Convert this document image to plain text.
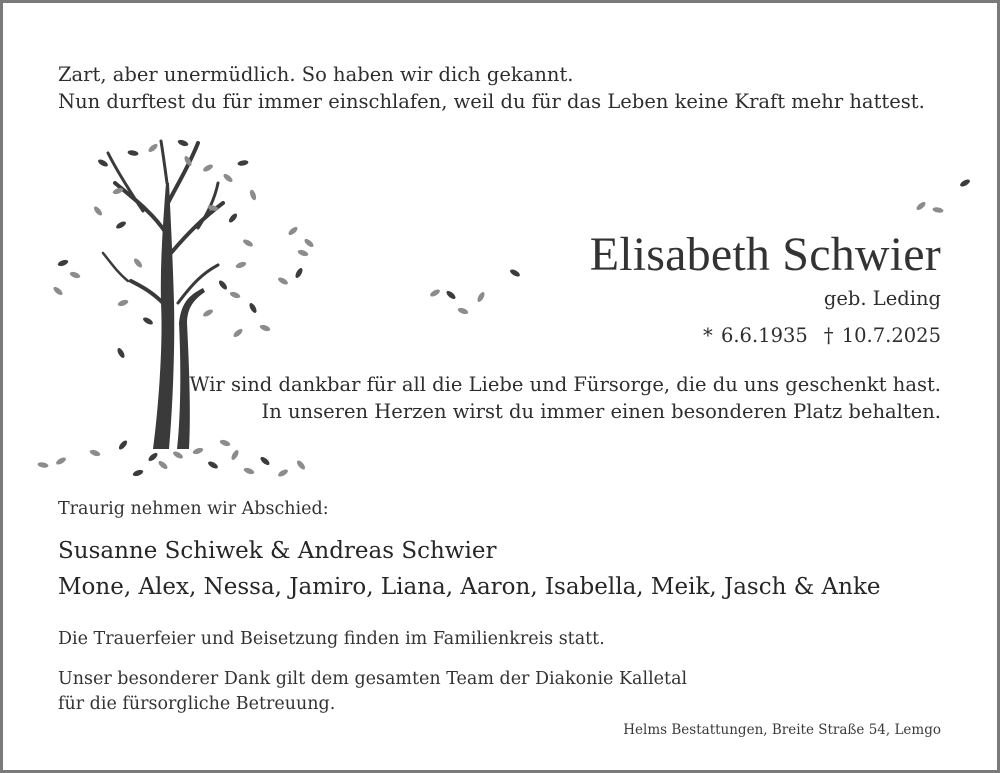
Zart, aber unermüdlich. So haben wir dich gekannt.
Nun durftest du für immer einschlafen, weil du für das Leben keine Kraft mehr hattest.
Elisabeth Schwier
geb. Leding
* 6.6.1935 † 10.7.2025
Wir sind dankbar für all die Liebe und Fürsorge, die du uns geschenkt hast.
In unseren Herzen wirst du immer einen besonderen Platz behalten.
Traurig nehmen wir Abschied:
Susanne Schiwek & Andreas Schwier
Mone, Alex, Nessa, Jamiro, Liana, Aaron, Isabella, Meik, Jasch & Anke
Die Trauerfeier und Beisetzung finden im Familienkreis statt.
Unser besonderer Dank gilt dem gesamten Team der Diakonie Kalletal
für die fürsorgliche Betreuung.
Helms Bestattungen, Breite Straße 54, Lemgo
